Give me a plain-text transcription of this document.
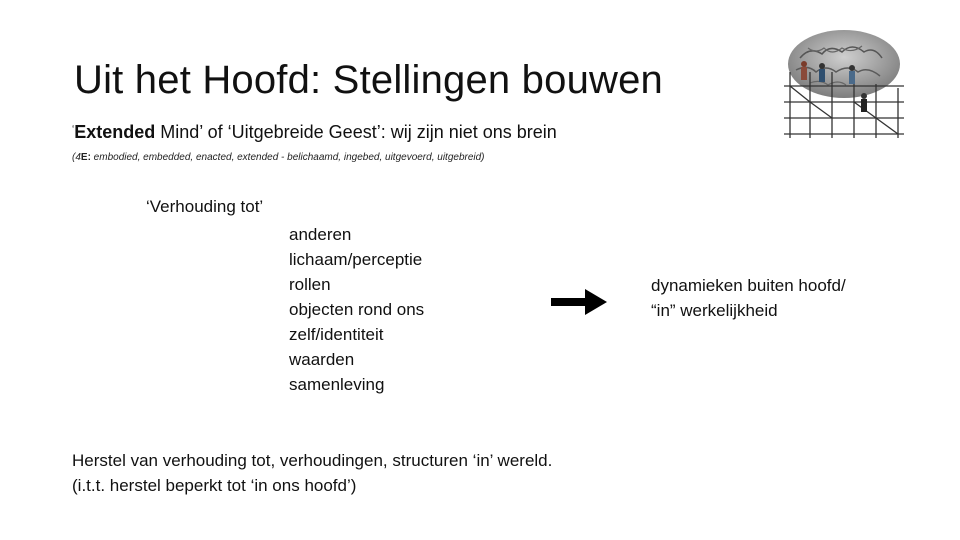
Uit het Hoofd: Stellingen bouwen
‘Extended Mind’ of ‘Uitgebreide Geest’: wij zijn niet ons brein
(4E: embodied, embedded, enacted, extended - belichaamd, ingebed, uitgevoerd, uitgebreid)
‘Verhouding tot’
anderen
lichaam/perceptie
rollen
objecten rond ons
zelf/identiteit
waarden
samenleving
dynamieken buiten hoofd/
“in” werkelijkheid
Herstel van verhouding tot, verhoudingen, structuren ‘in’ wereld.
(i.t.t. herstel beperkt tot ‘in ons hoofd’)
